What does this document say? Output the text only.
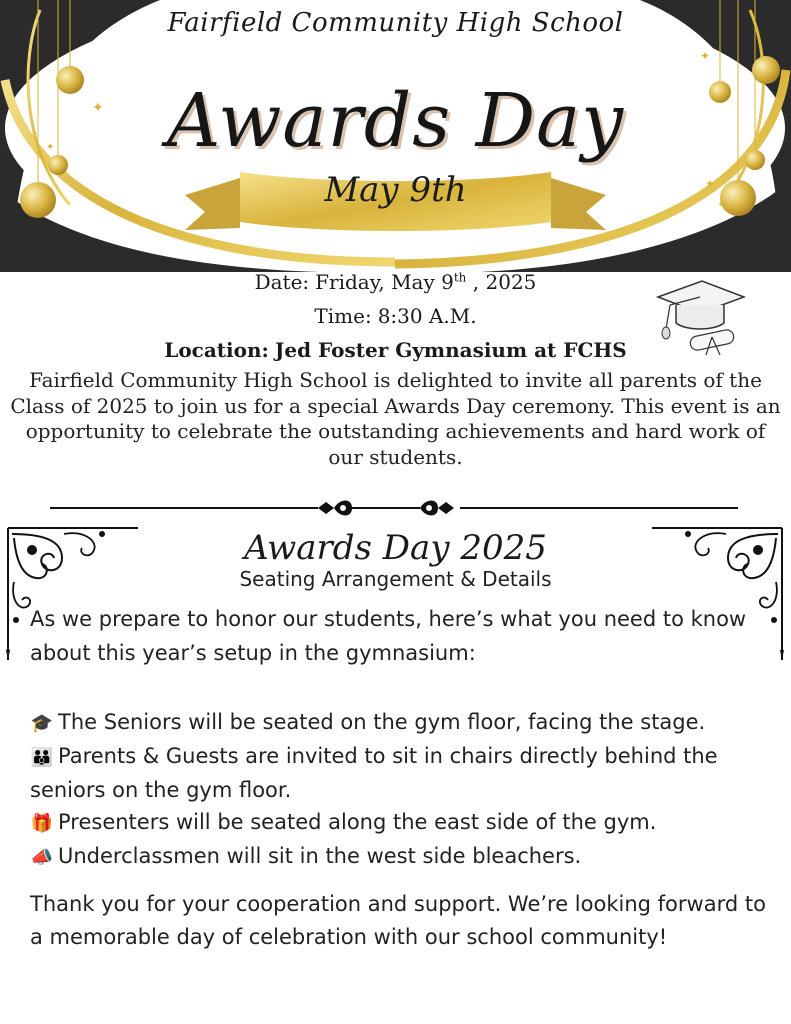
✦
✦
✦
✦
Fairfield Community High School
Awards Day
May 9th
Date: Friday, May 9th , 2025
Time: 8:30 A.M.
Location: Jed Foster Gymnasium at FCHS
Fairfield Community High School is delighted to invite all parents of the Class of 2025 to join us for a special Awards Day ceremony. This event is an opportunity to celebrate the outstanding achievements and hard work of our students.
Awards Day 2025
Seating Arrangement & Details
As we prepare to honor our students, here’s what you need to know about this year’s setup in the gymnasium:
🎓 The Seniors will be seated on the gym floor, facing the stage.
👪 Parents & Guests are invited to sit in chairs directly behind the seniors on the gym floor.
🎁 Presenters will be seated along the east side of the gym.
📣 Underclassmen will sit in the west side bleachers.
Thank you for your cooperation and support. We’re looking forward to a memorable day of celebration with our school community!
